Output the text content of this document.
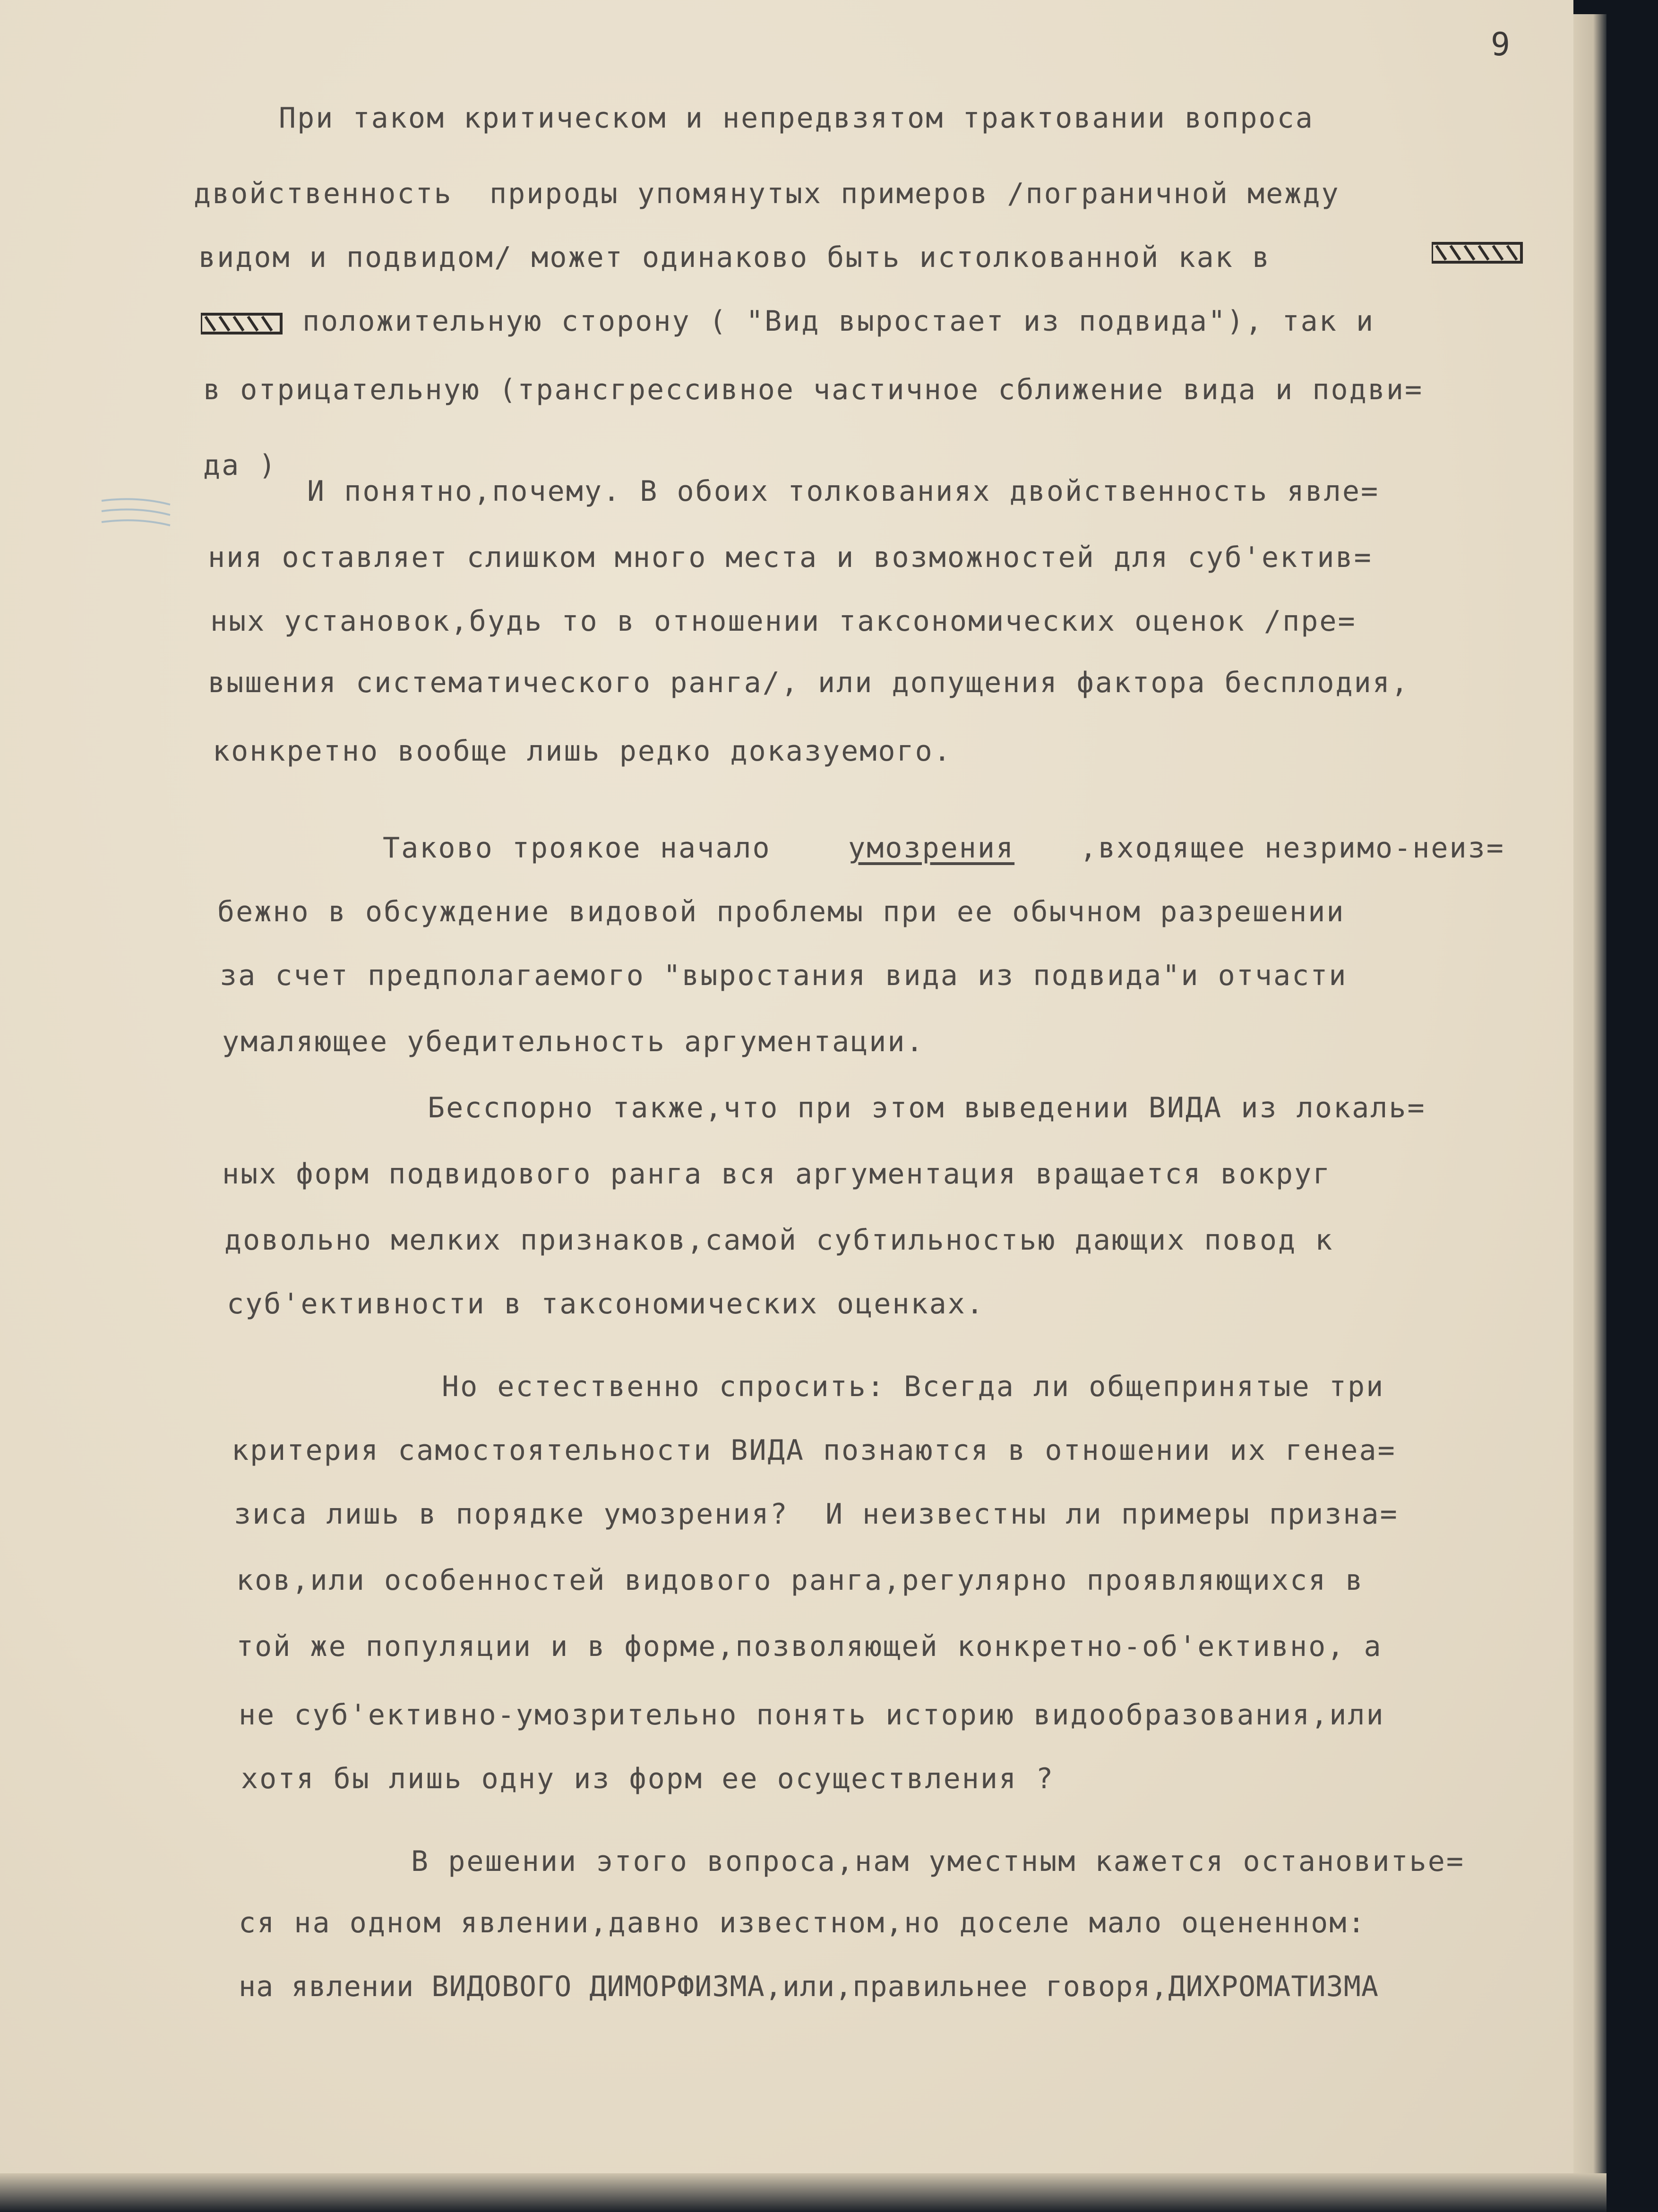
9
При таком критическом и непредвзятом трактовании вопроса
двойственность  природы упомянутых примеров /пограничной между
видом и подвидом/ может одинаково быть истолкованной как в
положительную сторону ( "Вид выростает из подвида"), так и
в отрицательную (трансгрессивное частичное сближение вида и подви=
да )
И понятно,почему. В обоих толкованиях двойственность явле=
ния оставляет слишком много места и возможностей для суб'ектив=
ных установок,будь то в отношении таксономических оценок /пре=
вышения систематического ранга/, или допущения фактора бесплодия,
конкретно вообще лишь редко доказуемого.
Таково троякое начало	умозрения ,входящее незримо-неиз=
бежно в обсуждение видовой проблемы при ее обычном разрешении
за счет предполагаемого "выростания вида из подвида"и отчасти
умаляющее убедительность аргументации.
Бесспорно также,что при этом выведении ВИДА из локаль=
ных форм подвидового ранга вся аргументация вращается вокруг
довольно мелких признаков,самой субтильностью дающих повод к
суб'ективности в таксономических оценках.
Но естественно спросить: Всегда ли общепринятые три
критерия самостоятельности ВИДА познаются в отношении их генеа=
зиса лишь в порядке умозрения?  И неизвестны ли примеры призна=
ков,или особенностей видового ранга,регулярно проявляющихся в
той же популяции и в форме,позволяющей конкретно-об'ективно, а
не суб'ективно-умозрительно понять историю видообразования,или
хотя бы лишь одну из форм ее осуществления ?
В решении этого вопроса,нам уместным кажется остановитье=
ся на одном явлении,давно известном,но доселе мало оцененном:
на явлении ВИДОВОГО ДИМОРФИЗМА,или,правильнее говоря,ДИХРОМАТИЗМА
